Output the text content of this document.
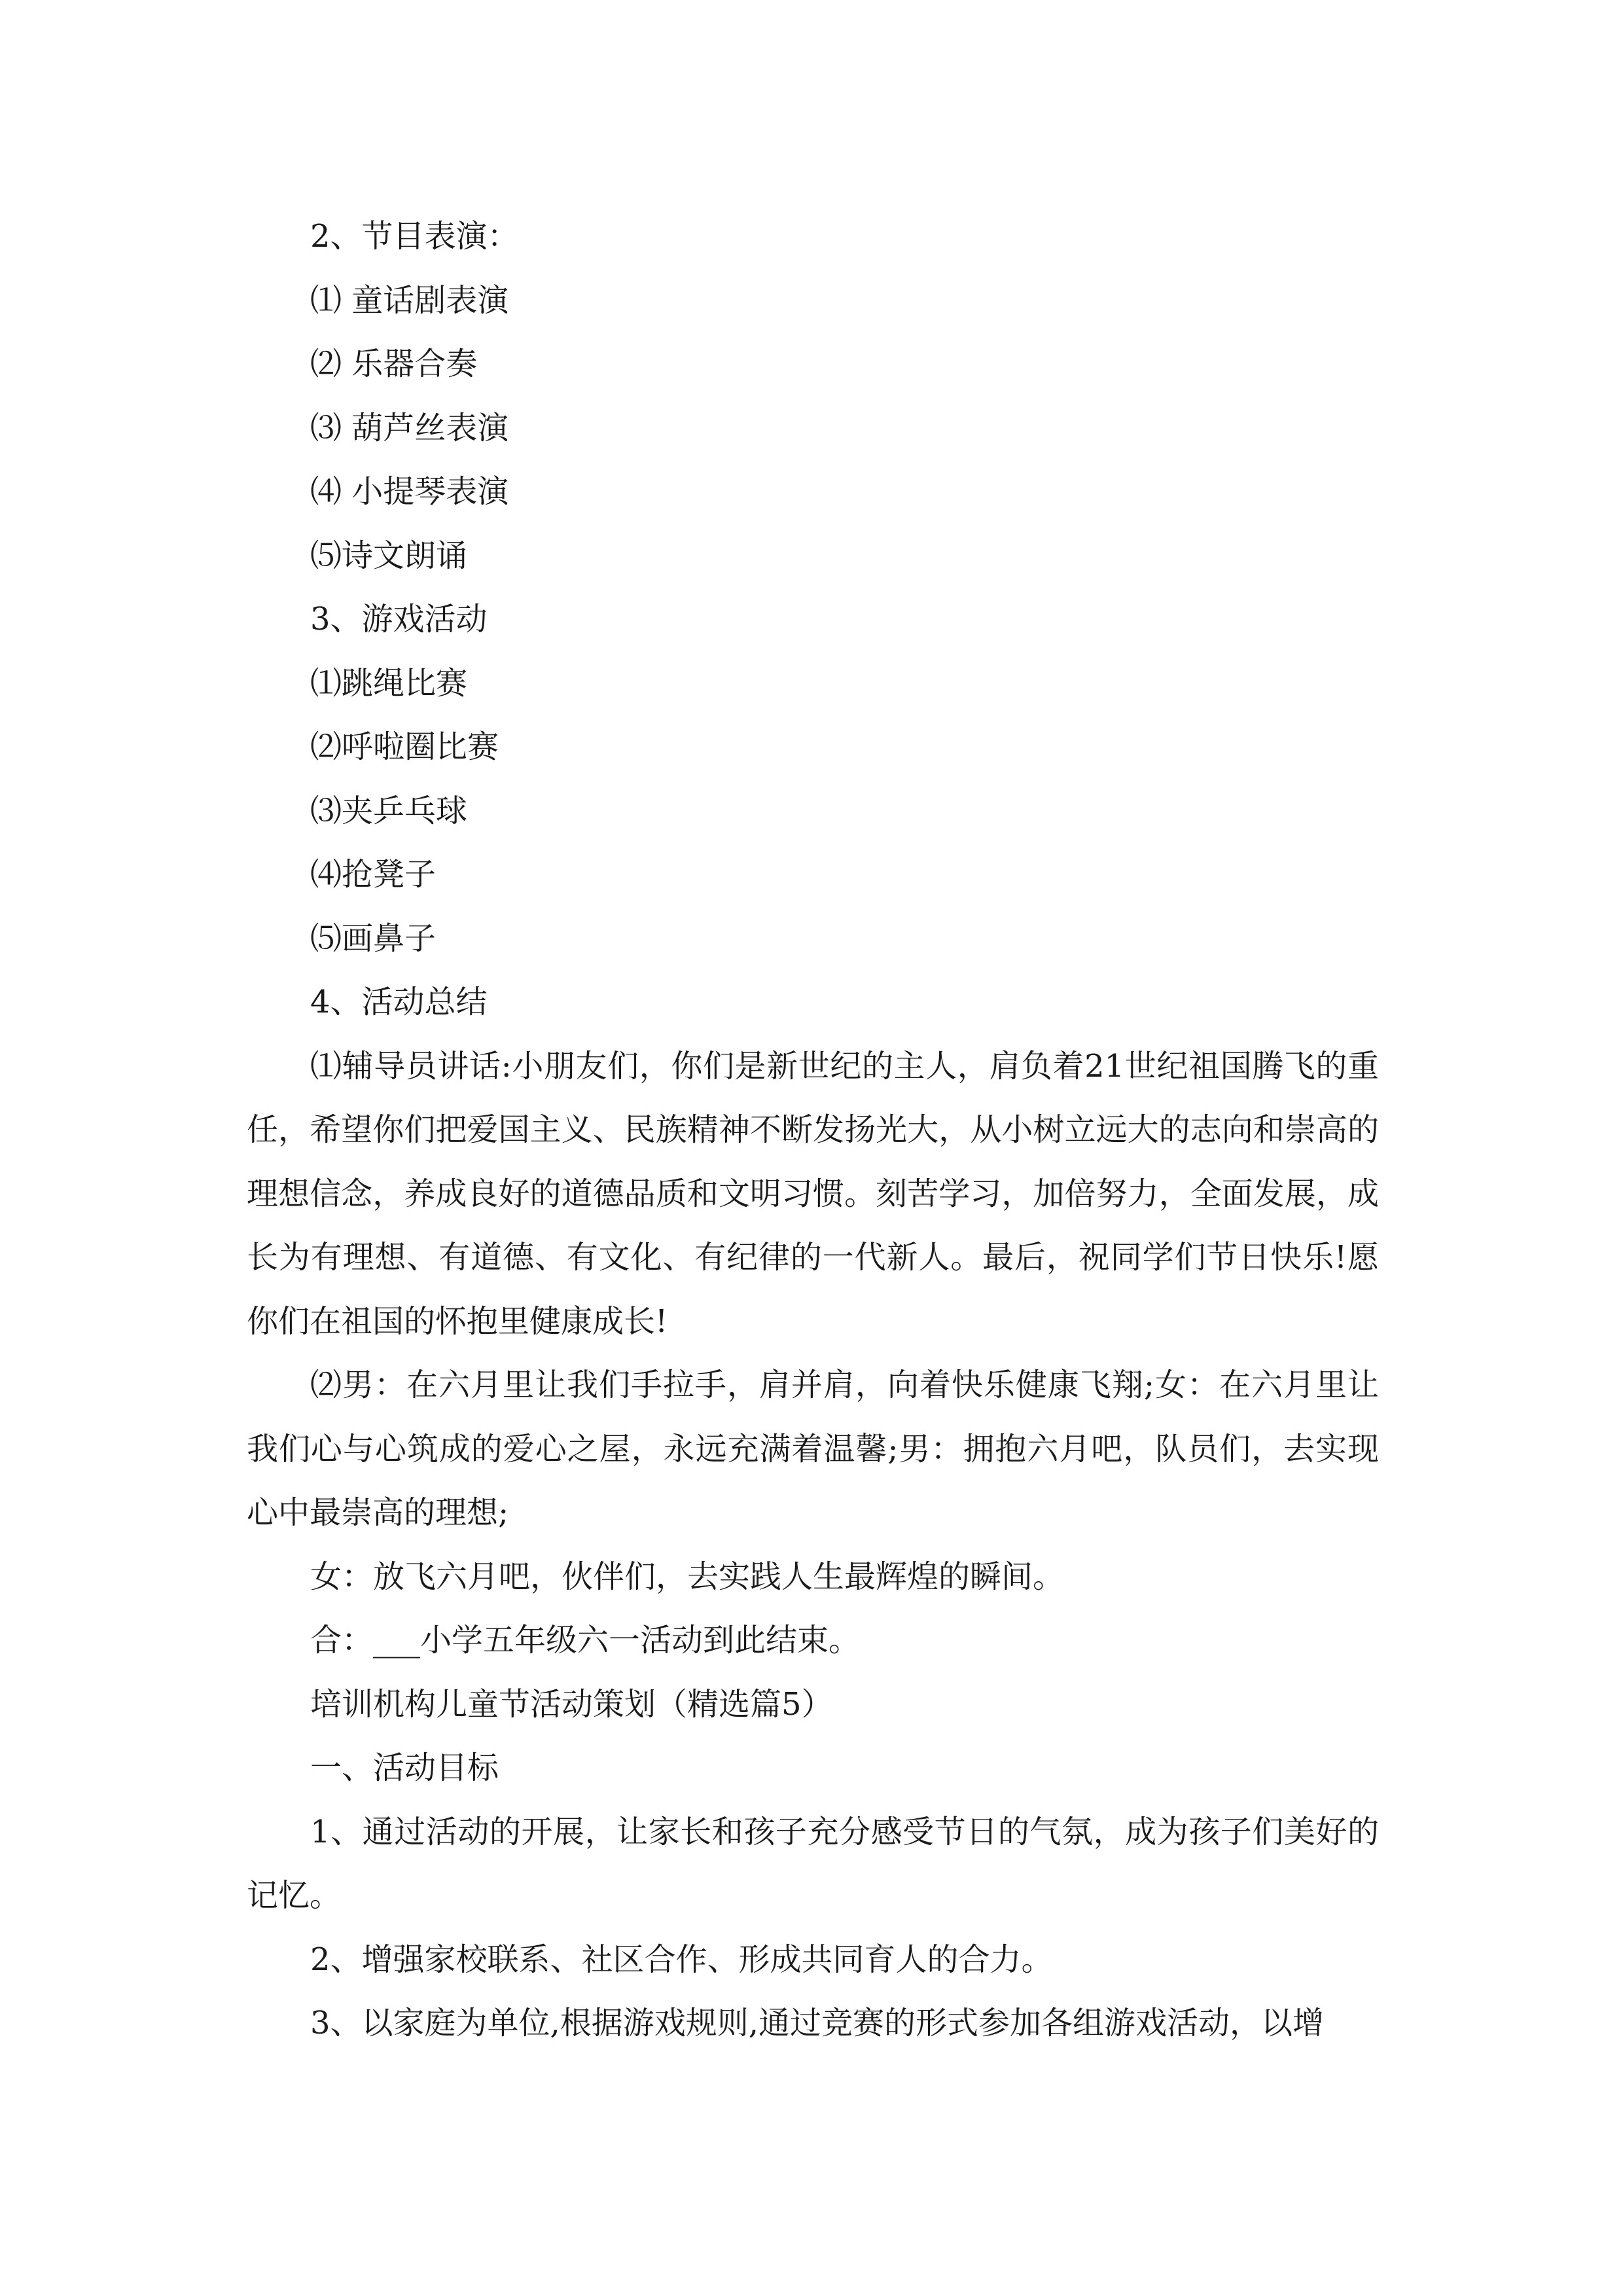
2、节目表演：
⑴ 童话剧表演
⑵ 乐器合奏
⑶ 葫芦丝表演
⑷ 小提琴表演
⑸诗文朗诵
3、游戏活动
⑴跳绳比赛
⑵呼啦圈比赛
⑶夹乒乓球
⑷抢凳子
⑸画鼻子
4、活动总结
⑴辅导员讲话:小朋友们，你们是新世纪的主人，肩负着21世纪祖国腾飞的重任，希望你们把爱国主义、民族精神不断发扬光大，从小树立远大的志向和崇高的理想信念，养成良好的道德品质和文明习惯。刻苦学习，加倍努力，全面发展，成长为有理想、有道德、有文化、有纪律的一代新人。最后，祝同学们节日快乐!愿你们在祖国的怀抱里健康成长!
⑵男：在六月里让我们手拉手，肩并肩，向着快乐健康飞翔;女：在六月里让我们心与心筑成的爱心之屋，永远充满着温馨;男：拥抱六月吧，队员们，去实现心中最崇高的理想;
女：放飞六月吧，伙伴们，去实践人生最辉煌的瞬间。
合：___小学五年级六一活动到此结束。
培训机构儿童节活动策划（精选篇5）
一、活动目标
1、通过活动的开展，让家长和孩子充分感受节日的气氛，成为孩子们美好的记忆。
2、增强家校联系、社区合作、形成共同育人的合力。
3、以家庭为单位,根据游戏规则,通过竞赛的形式参加各组游戏活动，以增
